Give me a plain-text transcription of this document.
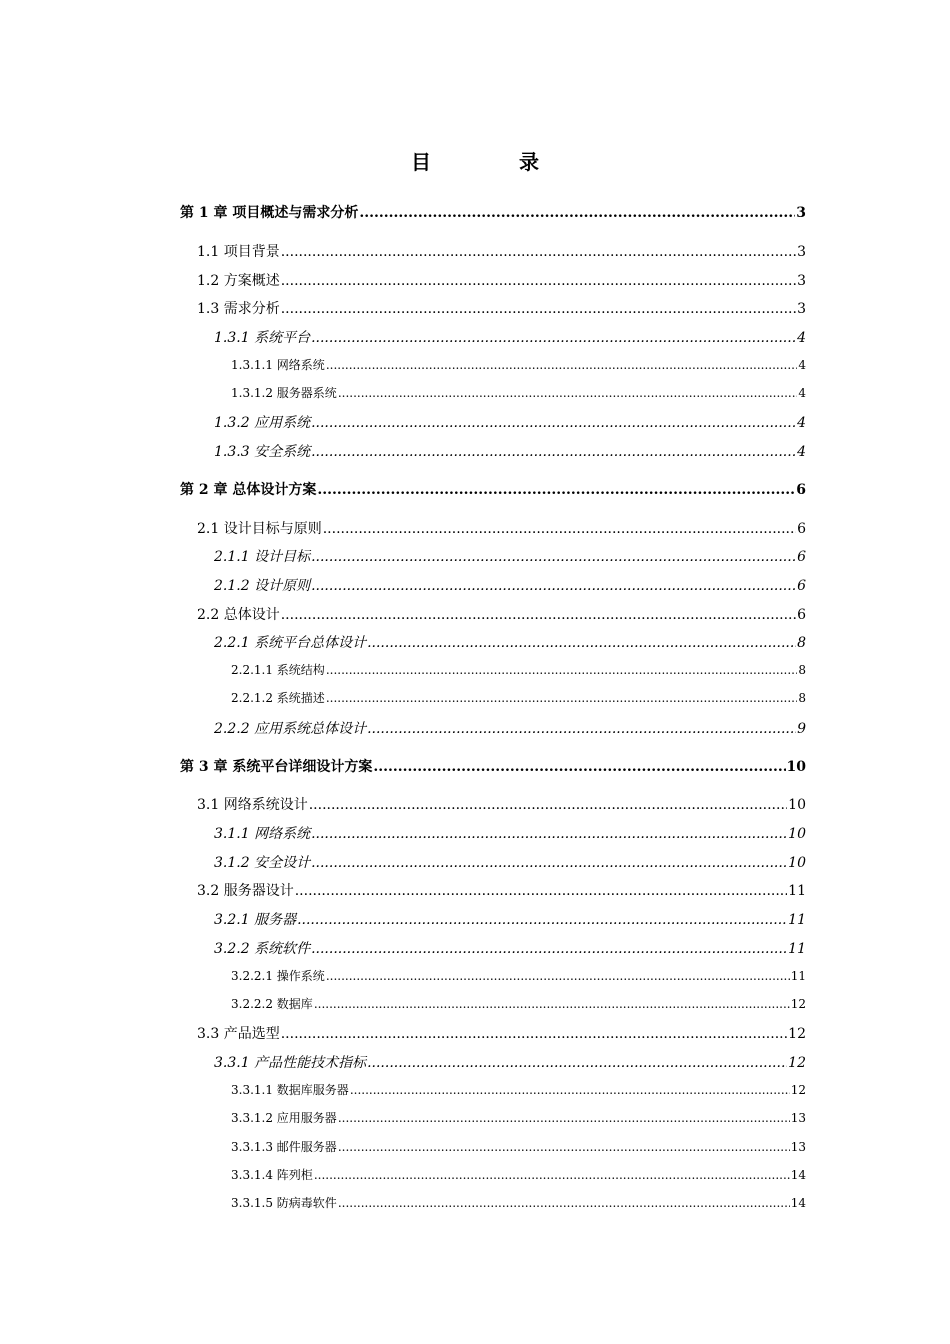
目　录
第 1 章 项目概述与需求分析 .....	3
1.1 项目背景 .....	3
1.2 方案概述 .....	3
1.3 需求分析 .....	3
1.3.1 系统平台 .....	4
1.3.1.1 网络系统 .....	4
1.3.1.2 服务器系统 .....	4
1.3.2 应用系统 .....	4
1.3.3 安全系统 .....	4
第 2 章 总体设计方案 .....	6
2.1 设计目标与原则 .....	6
2.1.1 设计目标 .....	6
2.1.2 设计原则 .....	6
2.2 总体设计 .....	6
2.2.1 系统平台总体设计 .....	8
2.2.1.1 系统结构 .....	8
2.2.1.2 系统描述 .....	8
2.2.2 应用系统总体设计 .....	9
第 3 章 系统平台详细设计方案 .....	10
3.1 网络系统设计 .....	10
3.1.1 网络系统 .....	10
3.1.2 安全设计 .....	10
3.2 服务器设计 .....	11
3.2.1 服务器 .....	11
3.2.2 系统软件 .....	11
3.2.2.1 操作系统 .....	11
3.2.2.2 数据库 .....	12
3.3 产品选型 .....	12
3.3.1 产品性能技术指标 .....	12
3.3.1.1 数据库服务器 .....	12
3.3.1.2 应用服务器 .....	13
3.3.1.3 邮件服务器 .....	13
3.3.1.4 阵列柜 .....	14
3.3.1.5 防病毒软件 .....	14
